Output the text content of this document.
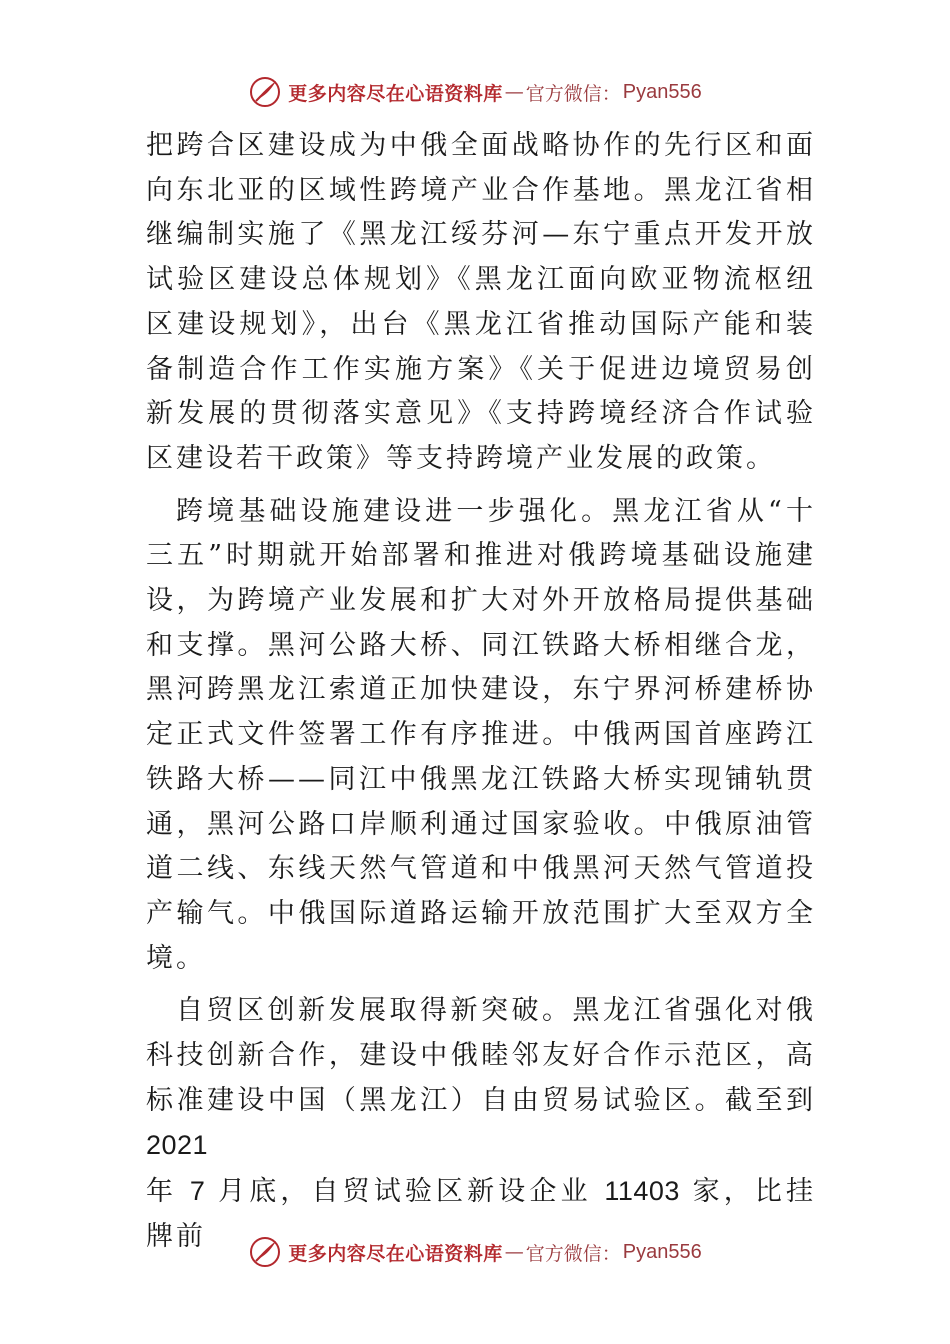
更多内容尽在心语资料库 — 官方微信： Pyan556

把跨合区建设成为中俄全面战略协作的先行区和面向东北亚的区域性跨境产业合作基地。黑龙江省相继编制实施了《黑龙江绥芬河—东宁重点开发开放试验区建设总体规划》《黑龙江面向欧亚物流枢纽区建设规划》，出台《黑龙江省推动国际产能和装备制造合作工作实施方案》《关于促进边境贸易创新发展的贯彻落实意见》《支持跨境经济合作试验区建设若干政策》等支持跨境产业发展的政策。

跨境基础设施建设进一步强化。黑龙江省从“十三五”时期就开始部署和推进对俄跨境基础设施建设，为跨境产业发展和扩大对外开放格局提供基础和支撑。黑河公路大桥、同江铁路大桥相继合龙，黑河跨黑龙江索道正加快建设，东宁界河桥建桥协定正式文件签署工作有序推进。中俄两国首座跨江铁路大桥——同江中俄黑龙江铁路大桥实现铺轨贯通，黑河公路口岸顺利通过国家验收。中俄原油管道二线、东线天然气管道和中俄黑河天然气管道投产输气。中俄国际道路运输开放范围扩大至双方全境。

自贸区创新发展取得新突破。黑龙江省强化对俄科技创新合作，建设中俄睦邻友好合作示范区，高标准建设中国（黑龙江）自由贸易试验区。截至到 2021
年 7 月底，自贸试验区新设企业 11403 家，比挂牌前

更多内容尽在心语资料库 — 官方微信： Pyan556
